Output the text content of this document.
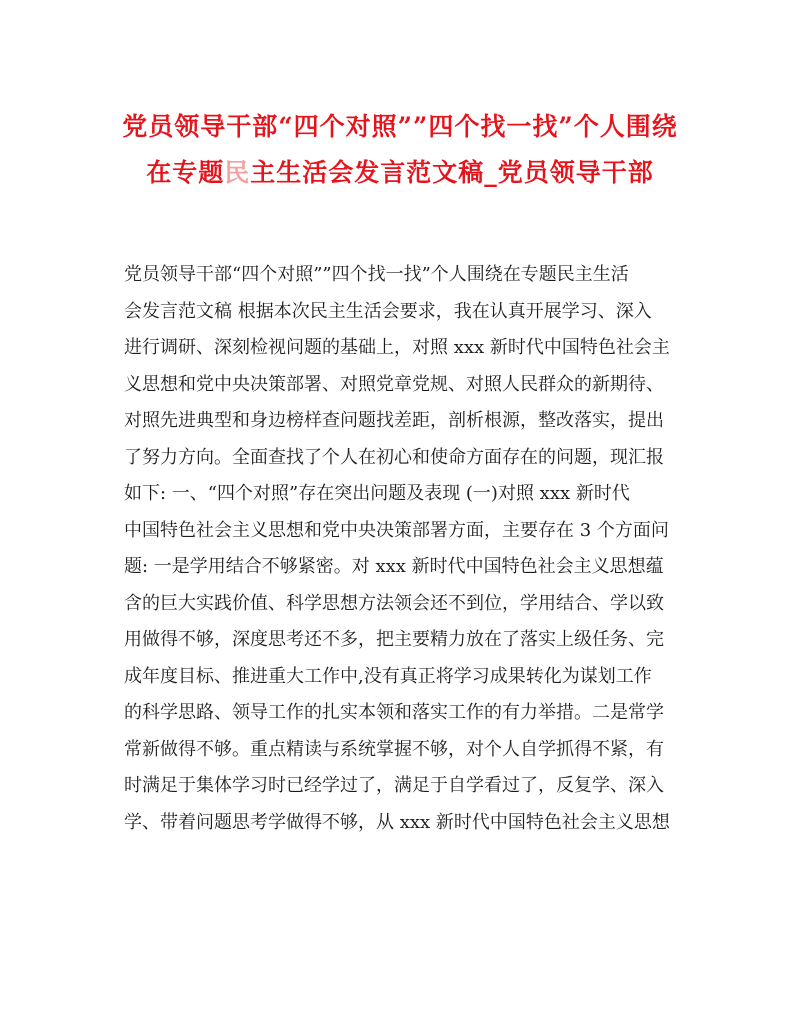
党员领导干部“四个对照””四个找一找”个人围绕
在专题民主生活会发言范文稿_党员领导干部
党员领导干部“四个对照””四个找一找”个人围绕在专题民主生活
会发言范文稿 根据本次民主生活会要求，我在认真开展学习、深入
进行调研、深刻检视问题的基础上，对照 xxx 新时代中国特色社会主
义思想和党中央决策部署、对照党章党规、对照人民群众的新期待、
对照先进典型和身边榜样查问题找差距，剖析根源，整改落实，提出
了努力方向。全面查找了个人在初心和使命方面存在的问题，现汇报
如下: 一、“四个对照”存在突出问题及表现 (一)对照 xxx 新时代
中国特色社会主义思想和党中央决策部署方面，主要存在 3 个方面问
题: 一是学用结合不够紧密。对 xxx 新时代中国特色社会主义思想蕴
含的巨大实践价值、科学思想方法领会还不到位，学用结合、学以致
用做得不够，深度思考还不多，把主要精力放在了落实上级任务、完
成年度目标、推进重大工作中,没有真正将学习成果转化为谋划工作
的科学思路、领导工作的扎实本领和落实工作的有力举措。二是常学
常新做得不够。重点精读与系统掌握不够，对个人自学抓得不紧，有
时满足于集体学习时已经学过了，满足于自学看过了，反复学、深入
学、带着问题思考学做得不够，从 xxx 新时代中国特色社会主义思想
